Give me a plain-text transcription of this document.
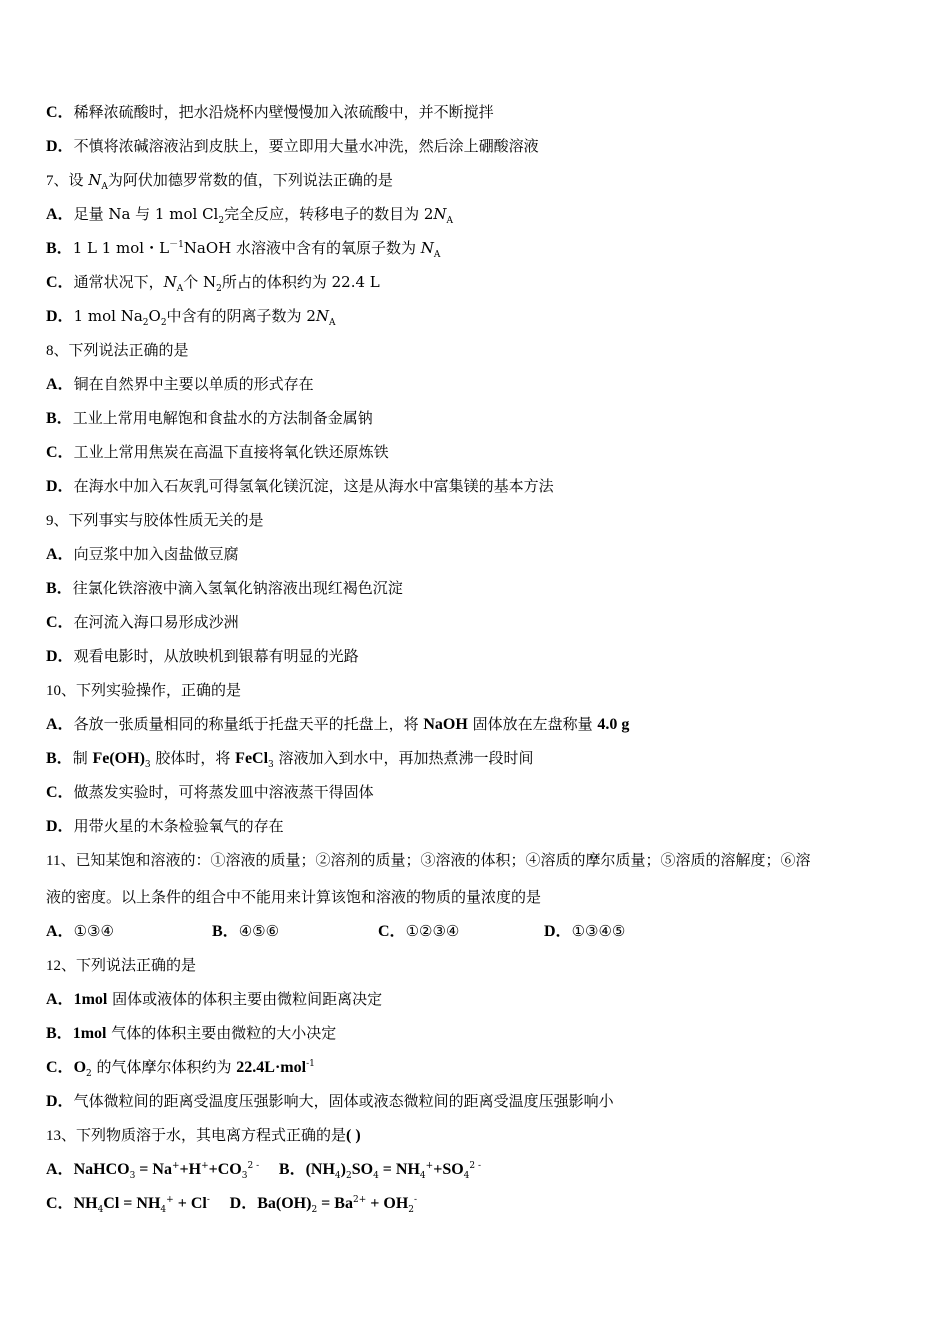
C．稀释浓硫酸时，把水沿烧杯内壁慢慢加入浓硫酸中，并不断搅拌
D．不慎将浓碱溶液沾到皮肤上，要立即用大量水冲洗，然后涂上硼酸溶液
7、设 $N_A$为阿伏加德罗常数的值，下列说法正确的是
A．足量 Na 与 1 mol $Cl_2$完全反应，转移电子的数目为 $2N_A$
B．1 L 1 mol・$L^{-1}NaOH$ 水溶液中含有的氧原子数为 $N_A$
C．通常状况下，$N_A$个 $N_2$所占的体积约为 22.4 L
D．1 mol $Na_2O_2$中含有的阴离子数为 $2N_A$
8、下列说法正确的是
A．铜在自然界中主要以单质的形式存在
B．工业上常用电解饱和食盐水的方法制备金属钠
C．工业上常用焦炭在高温下直接将氧化铁还原炼铁
D．在海水中加入石灰乳可得氢氧化镁沉淀，这是从海水中富集镁的基本方法
9、下列事实与胶体性质无关的是
A．向豆浆中加入卤盐做豆腐
B．往氯化铁溶液中滴入氢氧化钠溶液出现红褐色沉淀
C．在河流入海口易形成沙洲
D．观看电影时，从放映机到银幕有明显的光路
10、下列实验操作，正确的是
A．各放一张质量相同的称量纸于托盘天平的托盘上，将 NaOH 固体放在左盘称量 4.0 g
B．制 $Fe(OH)_3$ 胶体时，将 FeCl$_3$ 溶液加入到水中，再加热煮沸一段时间
C．做蒸发实验时，可将蒸发皿中溶液蒸干得固体
D．用带火星的木条检验氧气的存在
11、已知某饱和溶液的：①溶液的质量；②溶剂的质量；③溶液的体积；④溶质的摩尔质量；⑤溶质的溶解度；⑥溶
液的密度。以上条件的组合中不能用来计算该饱和溶液的物质的量浓度的是
A．①③④	B．④⑤⑥	C．①②③④	D．①③④⑤
12、下列说法正确的是
A．1mol 固体或液体的体积主要由微粒间距离决定
B．1mol 气体的体积主要由微粒的大小决定
C．$O_2$ 的气体摩尔体积约为 22.4L·mol$^{-1}$
D．气体微粒间的距离受温度压强影响大，固体或液态微粒间的距离受温度压强影响小
13、下列物质溶于水，其电离方程式正确的是( )
A．NaHCO$_3$ = $Na^++H^++CO_3^{2 -}$　 B．$(NH_4)_2SO_4 = NH_4^++SO_4^{2 -}$
C．$NH_4Cl = NH_4^+ + Cl^-$　 D．$Ba(OH)_2 = Ba^{2+} + OH_2^-$
